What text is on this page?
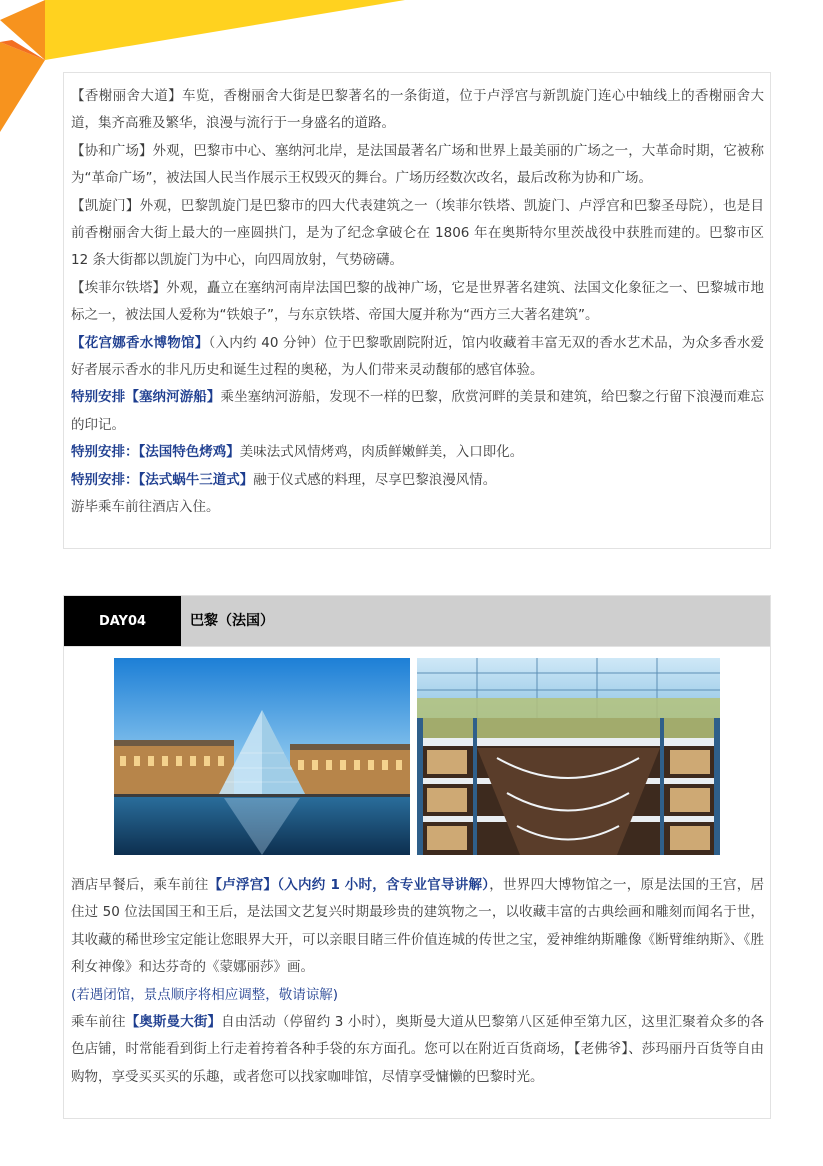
【香榭丽舍大道】车览，香榭丽舍大街是巴黎著名的一条街道，位于卢浮宫与新凯旋门连心中轴线上的香榭丽舍大道，集齐高雅及繁华，浪漫与流行于一身盛名的道路。

【协和广场】外观，巴黎市中心、塞纳河北岸，是法国最著名广场和世界上最美丽的广场之一，大革命时期，它被称为“革命广场”，被法国人民当作展示王权毁灭的舞台。广场历经数次改名，最后改称为协和广场。

【凯旋门】外观，巴黎凯旋门是巴黎市的四大代表建筑之一（埃菲尔铁塔、凯旋门、卢浮宫和巴黎圣母院），也是目前香榭丽舍大街上最大的一座圆拱门，是为了纪念拿破仑在 1806 年在奥斯特尔里茨战役中获胜而建的。巴黎市区 12 条大街都以凯旋门为中心，向四周放射，气势磅礴。

【埃菲尔铁塔】外观，矗立在塞纳河南岸法国巴黎的战神广场，它是世界著名建筑、法国文化象征之一、巴黎城市地标之一，被法国人爱称为“铁娘子”，与东京铁塔、帝国大厦并称为“西方三大著名建筑”。

【花宫娜香水博物馆】（入内约 40 分钟）位于巴黎歌剧院附近，馆内收藏着丰富无双的香水艺术品，为众多香水爱好者展示香水的非凡历史和诞生过程的奥秘，为人们带来灵动馥郁的感官体验。

特别安排【塞纳河游船】乘坐塞纳河游船，发现不一样的巴黎，欣赏河畔的美景和建筑，给巴黎之行留下浪漫而难忘的印记。

特别安排：【法国特色烤鸡】美味法式风情烤鸡，肉质鲜嫩鲜美，入口即化。

特别安排：【法式蜗牛三道式】融于仪式感的料理，尽享巴黎浪漫风情。

游毕乘车前往酒店入住。

DAY04	巴黎（法国）

酒店早餐后，乘车前往【卢浮宫】（入内约 1 小时，含专业官导讲解），世界四大博物馆之一，原是法国的王宫，居住过 50 位法国国王和王后，是法国文艺复兴时期最珍贵的建筑物之一，以收藏丰富的古典绘画和雕刻而闻名于世，其收藏的稀世珍宝定能让您眼界大开，可以亲眼目睹三件价值连城的传世之宝，爱神维纳斯雕像《断臂维纳斯》、《胜利女神像》和达芬奇的《蒙娜丽莎》画。

(若遇闭馆，景点顺序将相应调整，敬请谅解)

乘车前往【奥斯曼大街】自由活动（停留约 3 小时），奥斯曼大道从巴黎第八区延伸至第九区，这里汇聚着众多的各色店铺，时常能看到街上行走着挎着各种手袋的东方面孔。您可以在附近百货商场，【老佛爷】、莎玛丽丹百货等自由购物，享受买买买的乐趣，或者您可以找家咖啡馆，尽情享受慵懒的巴黎时光。
